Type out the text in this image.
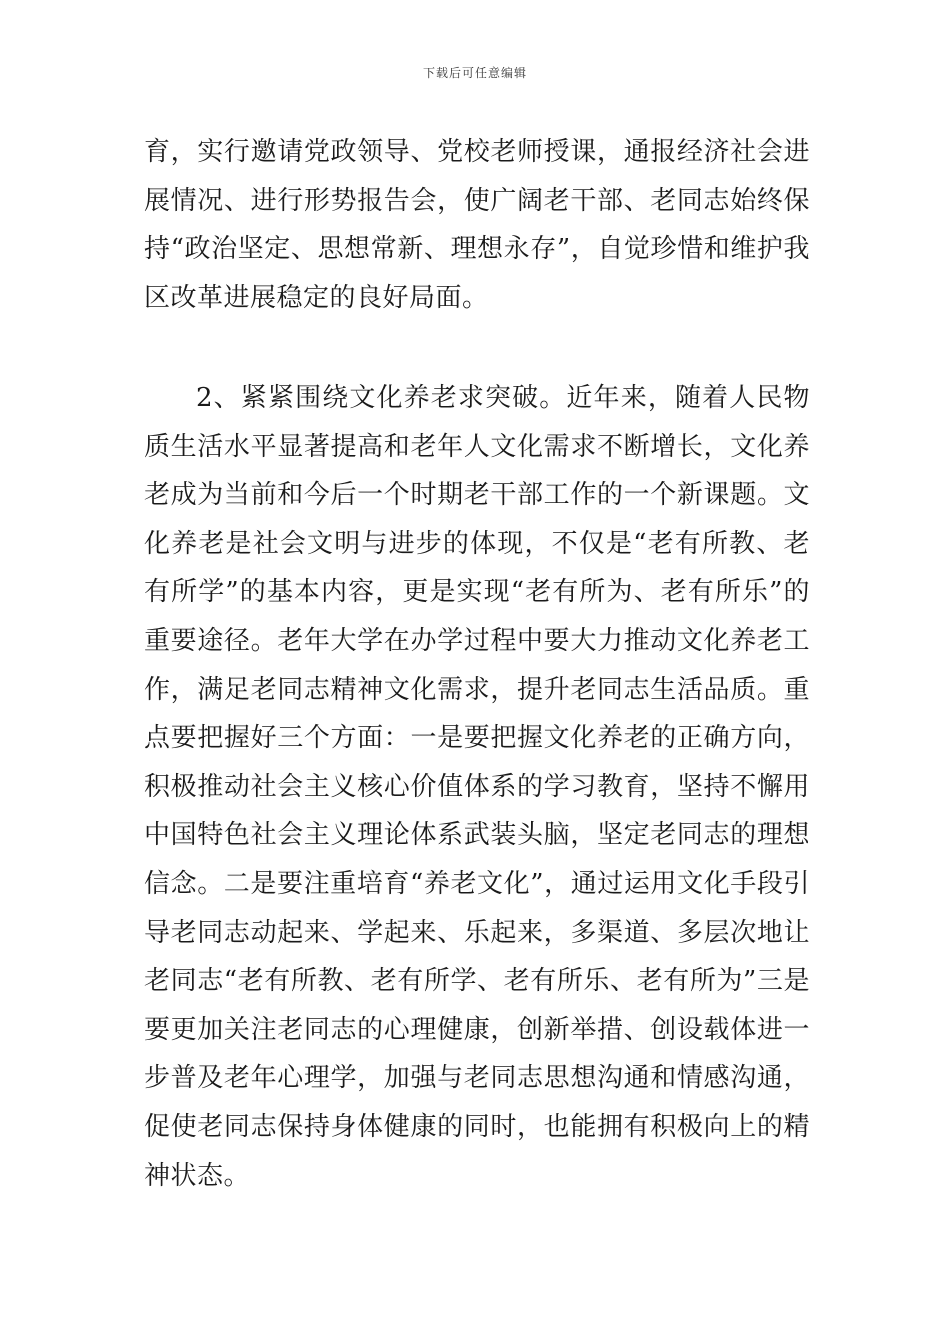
下载后可任意编辑

育，实行邀请党政领导、党校老师授课，通报经济社会进展情况、进行形势报告会，使广阔老干部、老同志始终保持“政治坚定、思想常新、理想永存”，自觉珍惜和维护我区改革进展稳定的良好局面。

2、紧紧围绕文化养老求突破。近年来，随着人民物质生活水平显著提高和老年人文化需求不断增长，文化养老成为当前和今后一个时期老干部工作的一个新课题。文化养老是社会文明与进步的体现，不仅是“老有所教、老有所学”的基本内容，更是实现“老有所为、老有所乐”的重要途径。老年大学在办学过程中要大力推动文化养老工作，满足老同志精神文化需求，提升老同志生活品质。重点要把握好三个方面：一是要把握文化养老的正确方向，积极推动社会主义核心价值体系的学习教育，坚持不懈用中国特色社会主义理论体系武装头脑，坚定老同志的理想信念。二是要注重培育“养老文化”，通过运用文化手段引导老同志动起来、学起来、乐起来，多渠道、多层次地让老同志“老有所教、老有所学、老有所乐、老有所为”三是要更加关注老同志的心理健康，创新举措、创设载体进一步普及老年心理学，加强与老同志思想沟通和情感沟通，促使老同志保持身体健康的同时，也能拥有积极向上的精神状态。
